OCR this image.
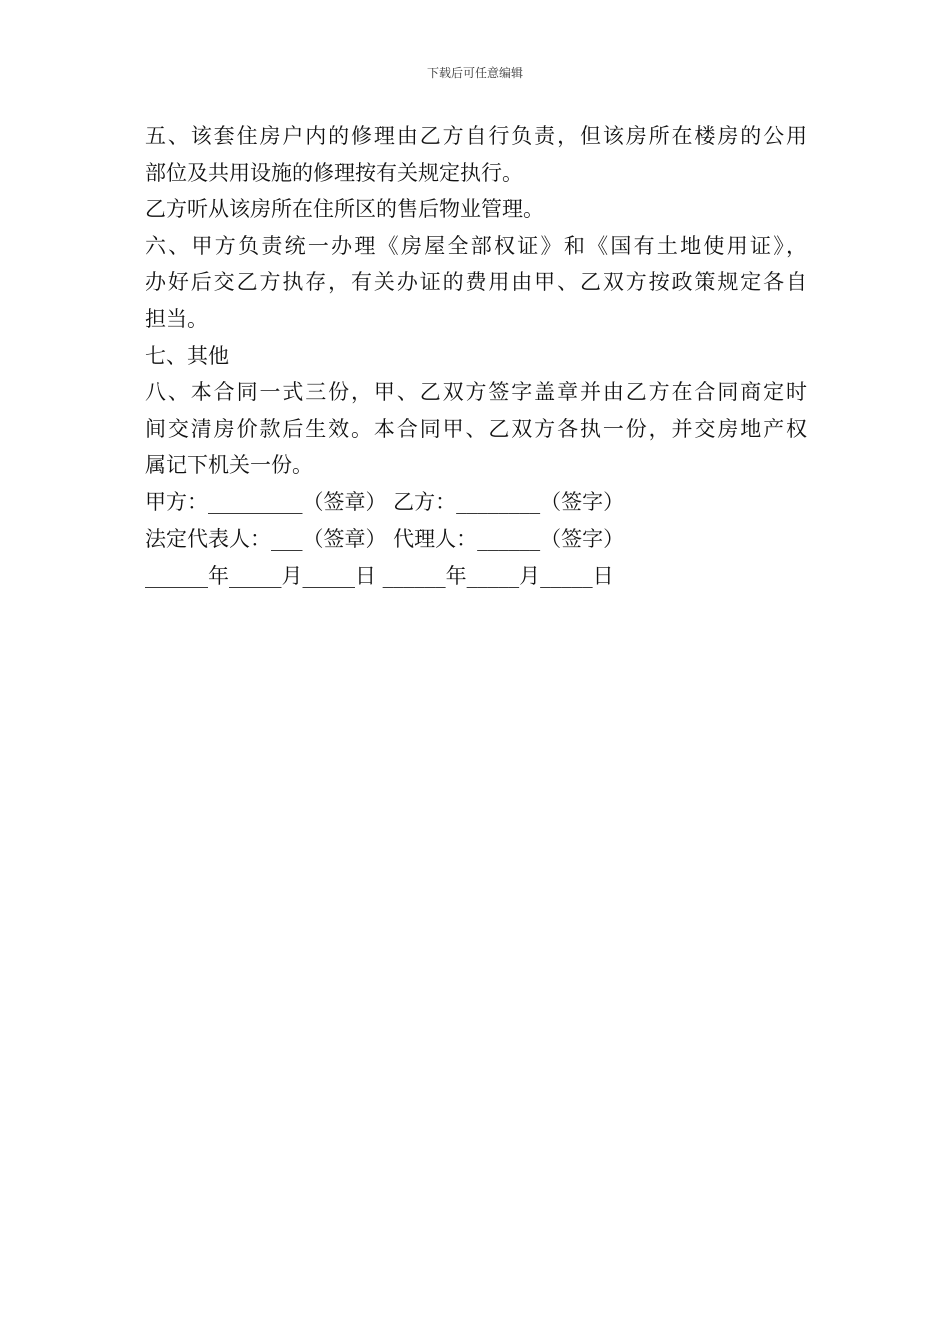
下载后可任意编辑
五、该套住房户内的修理由乙方自行负责，但该房所在楼房的公用
部位及共用设施的修理按有关规定执行。
乙方听从该房所在住所区的售后物业管理。
六、甲方负责统一办理《房屋全部权证》和《国有土地使用证》，
办好后交乙方执存，有关办证的费用由甲、乙双方按政策规定各自
担当。
七、其他
八、本合同一式三份，甲、乙双方签字盖章并由乙方在合同商定时
间交清房价款后生效。本合同甲、乙双方各执一份，并交房地产权
属记下机关一份。
甲方：_________（签章） 乙方：________（签字）
法定代表人：___（签章） 代理人：______（签字）
______年_____月_____日 ______年_____月_____日
